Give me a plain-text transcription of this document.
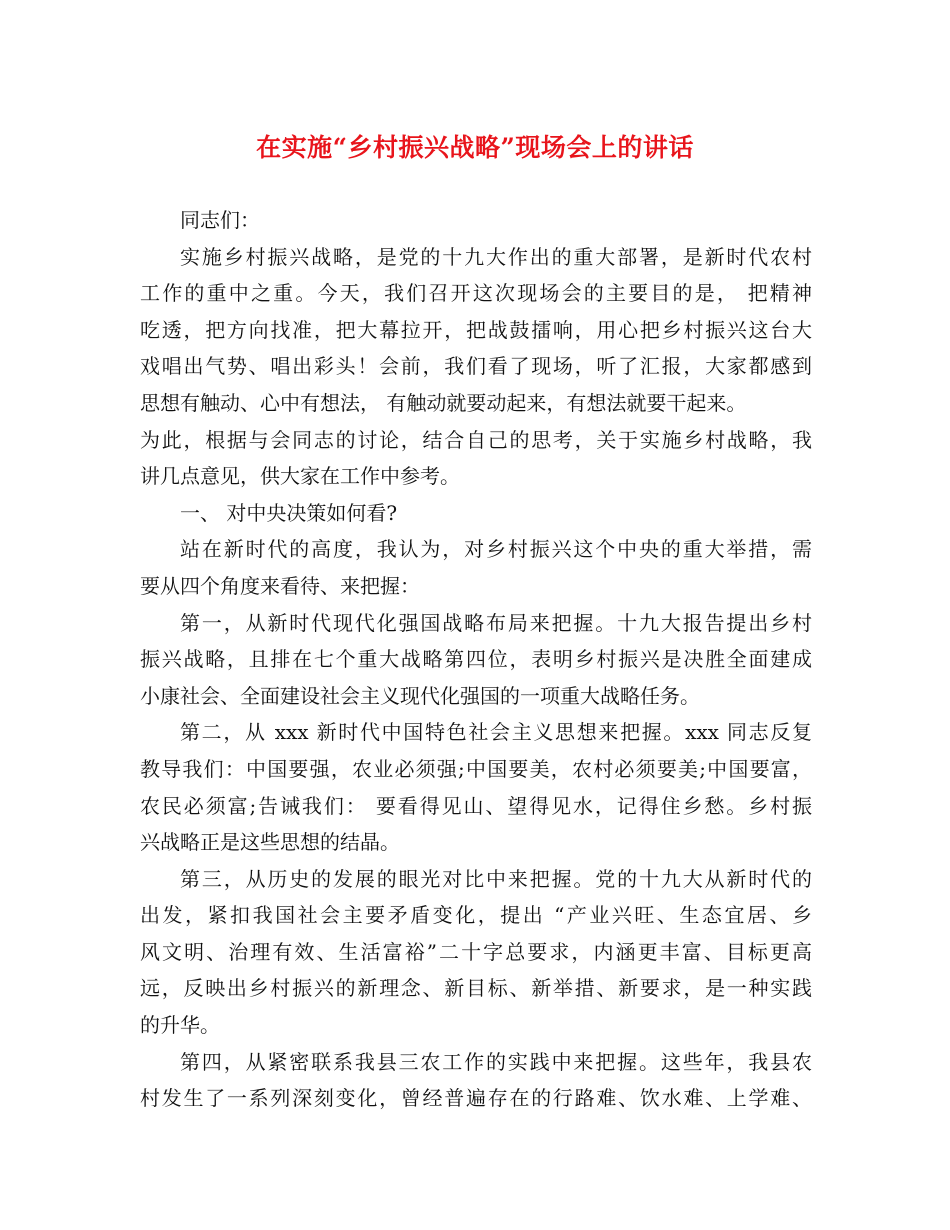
在实施“乡村振兴战略”现场会上的讲话
同志们：
实施乡村振兴战略，是党的十九大作出的重大部署，是新时代农村
工作的重中之重。今天，我们召开这次现场会的主要目的是， 把精神
吃透，把方向找准，把大幕拉开，把战鼓擂响，用心把乡村振兴这台大
戏唱出气势、唱出彩头！会前，我们看了现场，听了汇报，大家都感到
思想有触动、心中有想法， 有触动就要动起来，有想法就要干起来。
为此，根据与会同志的讨论，结合自己的思考，关于实施乡村战略，我
讲几点意见，供大家在工作中参考。
一、 对中央决策如何看?
站在新时代的高度，我认为，对乡村振兴这个中央的重大举措，需
要从四个角度来看待、来把握：
第一，从新时代现代化强国战略布局来把握。十九大报告提出乡村
振兴战略，且排在七个重大战略第四位，表明乡村振兴是决胜全面建成
小康社会、全面建设社会主义现代化强国的一项重大战略任务。
第二，从 xxx 新时代中国特色社会主义思想来把握。xxx 同志反复
教导我们：中国要强，农业必须强;中国要美，农村必须要美;中国要富，
农民必须富;告诫我们： 要看得见山、望得见水，记得住乡愁。乡村振
兴战略正是这些思想的结晶。
第三，从历史的发展的眼光对比中来把握。党的十九大从新时代的
出发，紧扣我国社会主要矛盾变化，提出 “产业兴旺、生态宜居、乡
风文明、治理有效、生活富裕”二十字总要求，内涵更丰富、目标更高
远，反映出乡村振兴的新理念、新目标、新举措、新要求，是一种实践
的升华。
第四，从紧密联系我县三农工作的实践中来把握。这些年，我县农
村发生了一系列深刻变化，曾经普遍存在的行路难、饮水难、上学难、
